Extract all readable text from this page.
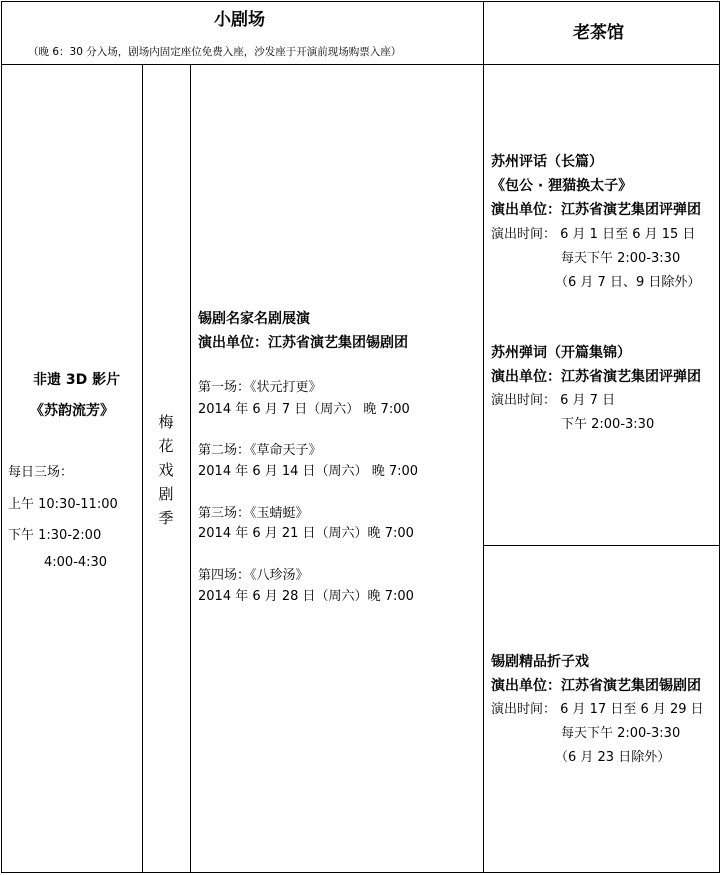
小剧场
（晚 6：30 分入场，剧场内固定座位免费入座，沙发座于开演前现场购票入座）
老茶馆
非遗 3D 影片
《苏韵流芳》
每日三场：
上午 10:30-11:00
下午 1:30-2:00
4:00-4:30
梅
花
戏
剧
季
锡剧名家名剧展演
演出单位：江苏省演艺集团锡剧团
第一场：《状元打更》
2014 年 6 月 7 日（周六） 晚 7:00
第二场：《草命天子》
2014 年 6 月 14 日（周六） 晚 7:00
第三场：《玉蜻蜓》
2014 年 6 月 21 日（周六）晚 7:00
第四场：《八珍汤》
2014 年 6 月 28 日（周六）晚 7:00
苏州评话（长篇）
《包公 · 狸猫换太子》
演出单位：江苏省演艺集团评弹团
演出时间： 6 月 1 日至 6 月 15 日
每天下午 2:00-3:30
（6 月 7 日、9 日除外）
苏州弹词（开篇集锦）
演出单位：江苏省演艺集团评弹团
演出时间： 6 月 7 日
下午 2:00-3:30
锡剧精品折子戏
演出单位：江苏省演艺集团锡剧团
演出时间： 6 月 17 日至 6 月 29 日
每天下午 2:00-3:30
（6 月 23 日除外）
